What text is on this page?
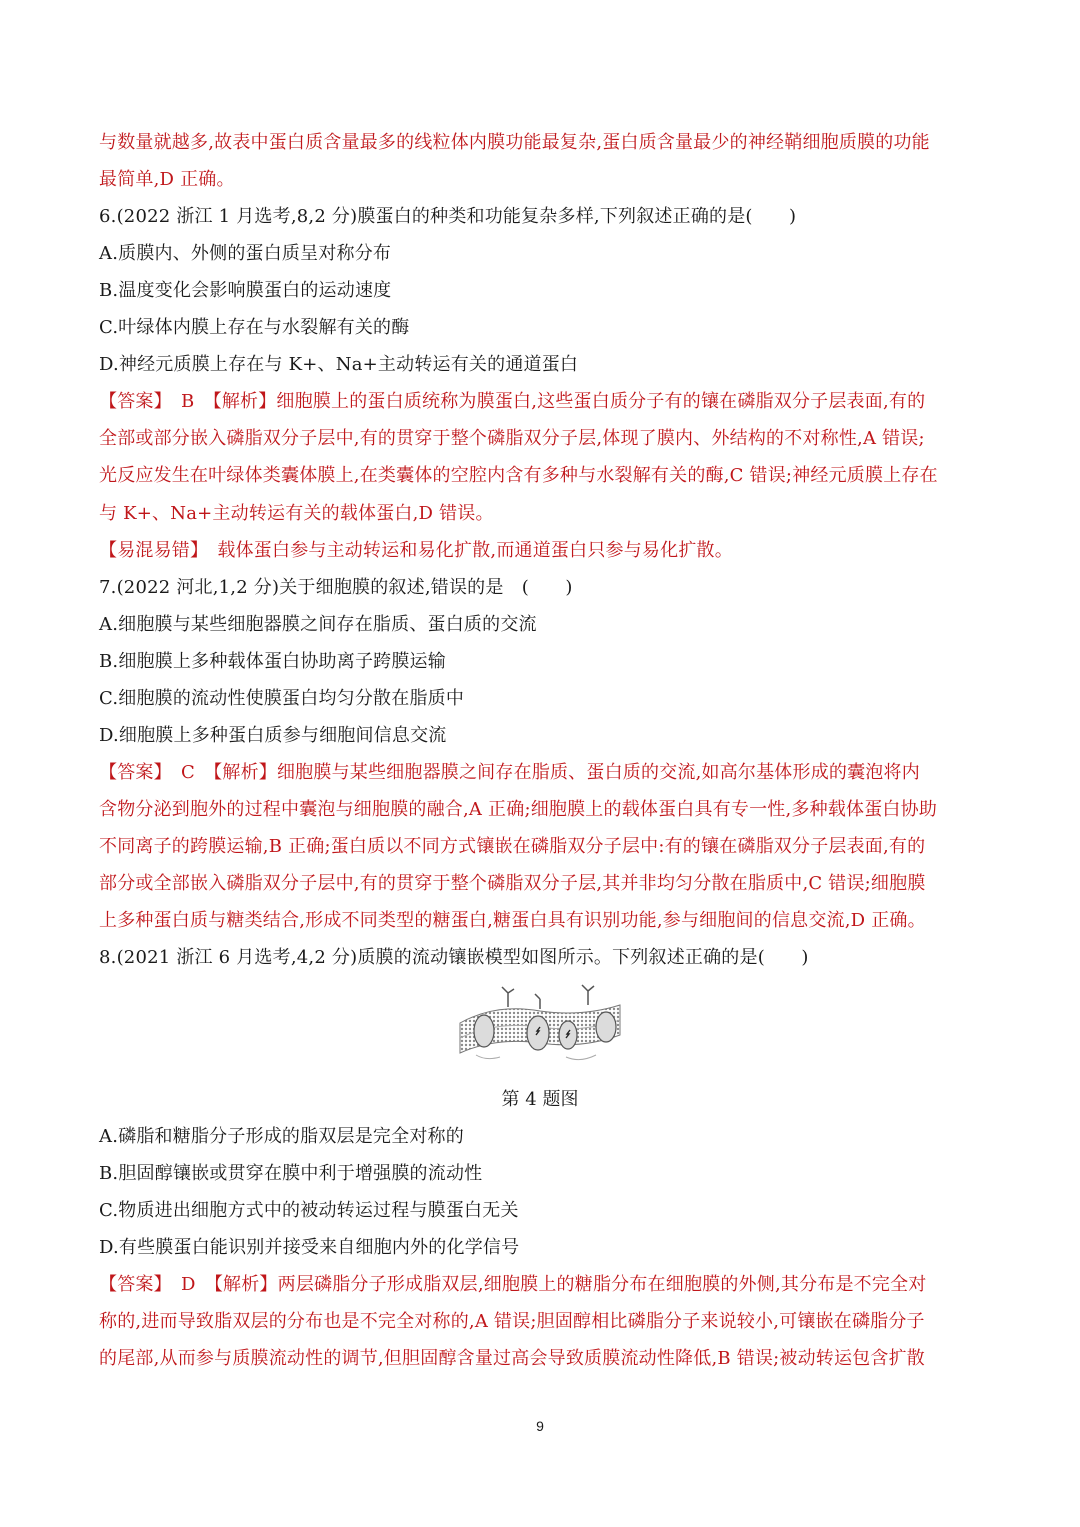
与数量就越多,故表中蛋白质含量最多的线粒体内膜功能最复杂,蛋白质含量最少的神经鞘细胞质膜的功能
最简单,D 正确。
6.(2022 浙江 1 月选考,8,2 分)膜蛋白的种类和功能复杂多样,下列叙述正确的是(　　)
A.质膜内、外侧的蛋白质呈对称分布
B.温度变化会影响膜蛋白的运动速度
C.叶绿体内膜上存在与水裂解有关的酶
D.神经元质膜上存在与 K+、Na+主动转运有关的通道蛋白
【答案】　B　【解析】细胞膜上的蛋白质统称为膜蛋白,这些蛋白质分子有的镶在磷脂双分子层表面,有的
全部或部分嵌入磷脂双分子层中,有的贯穿于整个磷脂双分子层,体现了膜内、外结构的不对称性,A 错误;
光反应发生在叶绿体类囊体膜上,在类囊体的空腔内含有多种与水裂解有关的酶,C 错误;神经元质膜上存在
与 K+、Na+主动转运有关的载体蛋白,D 错误。
【易混易错】　载体蛋白参与主动转运和易化扩散,而通道蛋白只参与易化扩散。
7.(2022 河北,1,2 分)关于细胞膜的叙述,错误的是　(　　)
A.细胞膜与某些细胞器膜之间存在脂质、蛋白质的交流
B.细胞膜上多种载体蛋白协助离子跨膜运输
C.细胞膜的流动性使膜蛋白均匀分散在脂质中
D.细胞膜上多种蛋白质参与细胞间信息交流
【答案】　C　【解析】细胞膜与某些细胞器膜之间存在脂质、蛋白质的交流,如高尔基体形成的囊泡将内
含物分泌到胞外的过程中囊泡与细胞膜的融合,A 正确;细胞膜上的载体蛋白具有专一性,多种载体蛋白协助
不同离子的跨膜运输,B 正确;蛋白质以不同方式镶嵌在磷脂双分子层中:有的镶在磷脂双分子层表面,有的
部分或全部嵌入磷脂双分子层中,有的贯穿于整个磷脂双分子层,其并非均匀分散在脂质中,C 错误;细胞膜
上多种蛋白质与糖类结合,形成不同类型的糖蛋白,糖蛋白具有识别功能,参与细胞间的信息交流,D 正确。
8.(2021 浙江 6 月选考,4,2 分)质膜的流动镶嵌模型如图所示。下列叙述正确的是(　　)
第 4 题图
A.磷脂和糖脂分子形成的脂双层是完全对称的
B.胆固醇镶嵌或贯穿在膜中利于增强膜的流动性
C.物质进出细胞方式中的被动转运过程与膜蛋白无关
D.有些膜蛋白能识别并接受来自细胞内外的化学信号
【答案】　D　【解析】两层磷脂分子形成脂双层,细胞膜上的糖脂分布在细胞膜的外侧,其分布是不完全对
称的,进而导致脂双层的分布也是不完全对称的,A 错误;胆固醇相比磷脂分子来说较小,可镶嵌在磷脂分子
的尾部,从而参与质膜流动性的调节,但胆固醇含量过高会导致质膜流动性降低,B 错误;被动转运包含扩散
9
